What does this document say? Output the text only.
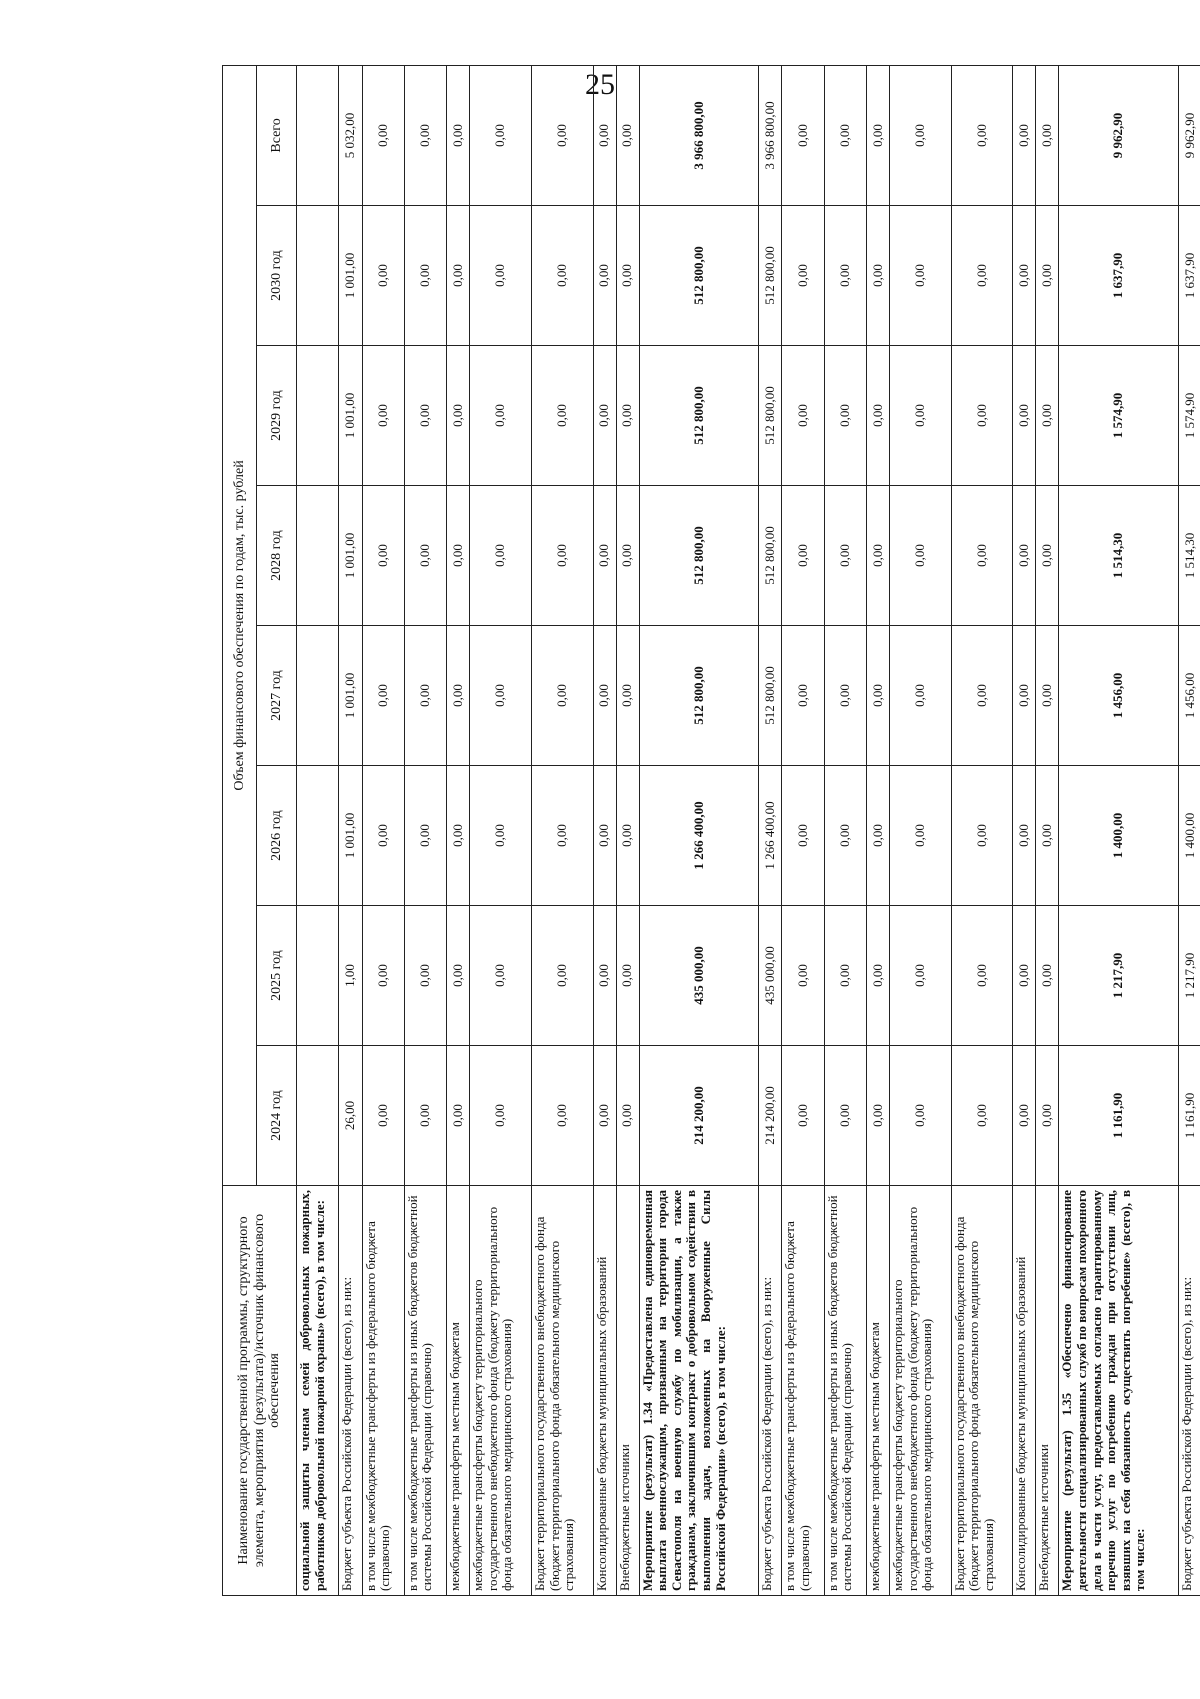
25
Наименование государственной программы, структурного элемента, мероприятия (результата)/источник финансового обеспечения	Объем финансового обеспечения по годам, тыс. рублей							
	2024 год	2025 год	2026 год	2027 год	2028 год	2029 год	2030 год	Всего
социальной защиты членам семей добровольных пожарных, работников добровольной пожарной охраны» (всего), в том числе:								
Бюджет субъекта Российской Федерации (всего), из них:	26,00	1,00	1 001,00	1 001,00	1 001,00	1 001,00	1 001,00	5 032,00
в том числе межбюджетные трансферты из федерального бюджета (справочно)	0,00	0,00	0,00	0,00	0,00	0,00	0,00	0,00
в том числе межбюджетные трансферты из иных бюджетов бюджетной системы Российской Федерации (справочно)	0,00	0,00	0,00	0,00	0,00	0,00	0,00	0,00
межбюджетные трансферты местным бюджетам	0,00	0,00	0,00	0,00	0,00	0,00	0,00	0,00
межбюджетные трансферты бюджету территориального государственного внебюджетного фонда (бюджету территориального фонда обязательного медицинского страхования)	0,00	0,00	0,00	0,00	0,00	0,00	0,00	0,00
Бюджет территориального государственного внебюджетного фонда (бюджет территориального фонда обязательного медицинского страхования)	0,00	0,00	0,00	0,00	0,00	0,00	0,00	0,00
Консолидированные бюджеты муниципальных образований	0,00	0,00	0,00	0,00	0,00	0,00	0,00	0,00
Внебюджетные источники	0,00	0,00	0,00	0,00	0,00	0,00	0,00	0,00
Мероприятие (результат) 1.34 «Предоставлена единовременная выплата военнослужащим, призванным на территории города Севастополя на военную службу по мобилизации, а также гражданам, заключившим контракт о добровольном содействии в выполнении задач, возложенных на Вооруженные Силы Российской Федерации» (всего), в том числе:	214 200,00	435 000,00	1 266 400,00	512 800,00	512 800,00	512 800,00	512 800,00	3 966 800,00
Бюджет субъекта Российской Федерации (всего), из них:	214 200,00	435 000,00	1 266 400,00	512 800,00	512 800,00	512 800,00	512 800,00	3 966 800,00
в том числе межбюджетные трансферты из федерального бюджета (справочно)	0,00	0,00	0,00	0,00	0,00	0,00	0,00	0,00
в том числе межбюджетные трансферты из иных бюджетов бюджетной системы Российской Федерации (справочно)	0,00	0,00	0,00	0,00	0,00	0,00	0,00	0,00
межбюджетные трансферты местным бюджетам	0,00	0,00	0,00	0,00	0,00	0,00	0,00	0,00
межбюджетные трансферты бюджету территориального государственного внебюджетного фонда (бюджету территориального фонда обязательного медицинского страхования)	0,00	0,00	0,00	0,00	0,00	0,00	0,00	0,00
Бюджет территориального государственного внебюджетного фонда (бюджет территориального фонда обязательного медицинского страхования)	0,00	0,00	0,00	0,00	0,00	0,00	0,00	0,00
Консолидированные бюджеты муниципальных образований	0,00	0,00	0,00	0,00	0,00	0,00	0,00	0,00
Внебюджетные источники	0,00	0,00	0,00	0,00	0,00	0,00	0,00	0,00
Мероприятие (результат) 1.35 «Обеспечено финансирование деятельности специализированных служб по вопросам похоронного дела в части услуг, предоставляемых согласно гарантированному перечню услуг по погребению граждан при отсутствии лиц, взявших на себя обязанность осуществить погребение» (всего), в том числе:	1 161,90	1 217,90	1 400,00	1 456,00	1 514,30	1 574,90	1 637,90	9 962,90
Бюджет субъекта Российской Федерации (всего), из них:	1 161,90	1 217,90	1 400,00	1 456,00	1 514,30	1 574,90	1 637,90	9 962,90
